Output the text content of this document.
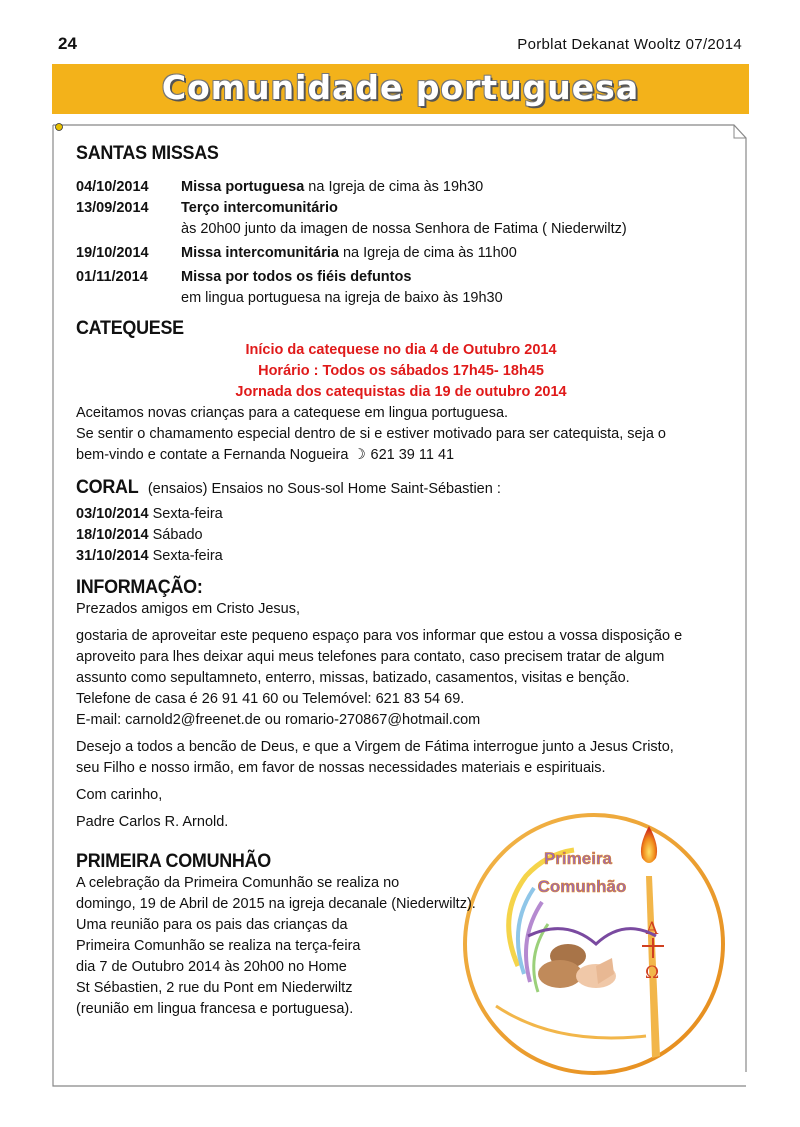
24	Porblat Dekanat Wooltz 07/2014
Comunidade portuguesa
SANTAS MISSAS
04/10/2014	Missa portuguesa na Igreja de cima às 19h30
13/09/2014	Terço intercomunitário
às 20h00 junto da imagen de nossa Senhora de Fatima ( Niederwiltz)
19/10/2014	Missa intercomunitária na Igreja de cima às 11h00
01/11/2014	Missa por todos os fiéis defuntos
em lingua portuguesa na igreja de baixo às 19h30
CATEQUESE
Início da catequese no dia 4 de Outubro 2014
Horário : Todos os sábados 17h45- 18h45
Jornada dos catequistas dia 19 de outubro 2014

Aceitamos novas crianças para a catequese em lingua portuguesa.

Se sentir o chamamento especial dentro de si e estiver motivado para ser catequista, seja o

bem-vindo e contate a Fernanda Nogueira ☽ 621 39 11 41

CORAL (ensaios) Ensaios no Sous-sol Home Saint-Sébastien :
03/10/2014 Sexta-feira
18/10/2014 Sábado
31/10/2014 Sexta-feira
INFORMAÇÃO:

Prezados amigos em Cristo Jesus,

gostaria de aproveitar este pequeno espaço para vos informar que estou a vossa disposição e

aproveito para lhes deixar aqui meus telefones para contato, caso precisem tratar de algum

assunto como sepultamneto, enterro, missas, batizado, casamentos, visitas e benção.

Telefone de casa é 26 91 41 60 ou Telemóvel: 621 83 54 69.

E-mail: carnold2@freenet.de ou romario-270867@hotmail.com

Desejo a todos a bencão de Deus, e que a Virgem de Fátima interrogue junto a Jesus Cristo,

seu Filho e nosso irmão, em favor de nossas necessidades materiais e espirituais.

Com carinho,

Padre Carlos R. Arnold.

PRIMEIRA COMUNHÃO

A celebração da Primeira Comunhão se realiza no

domingo, 19 de Abril de 2015 na igreja decanale (Niederwiltz).

Uma reunião para os pais das crianças da

Primeira Comunhão se realiza na terça-feira

dia 7 de Outubro 2014 às 20h00 no Home

St Sébastien, 2 rue du Pont em Niederwiltz

(reunião em lingua francesa e portuguesa).

A
Ω
Primeira
Comunhão
